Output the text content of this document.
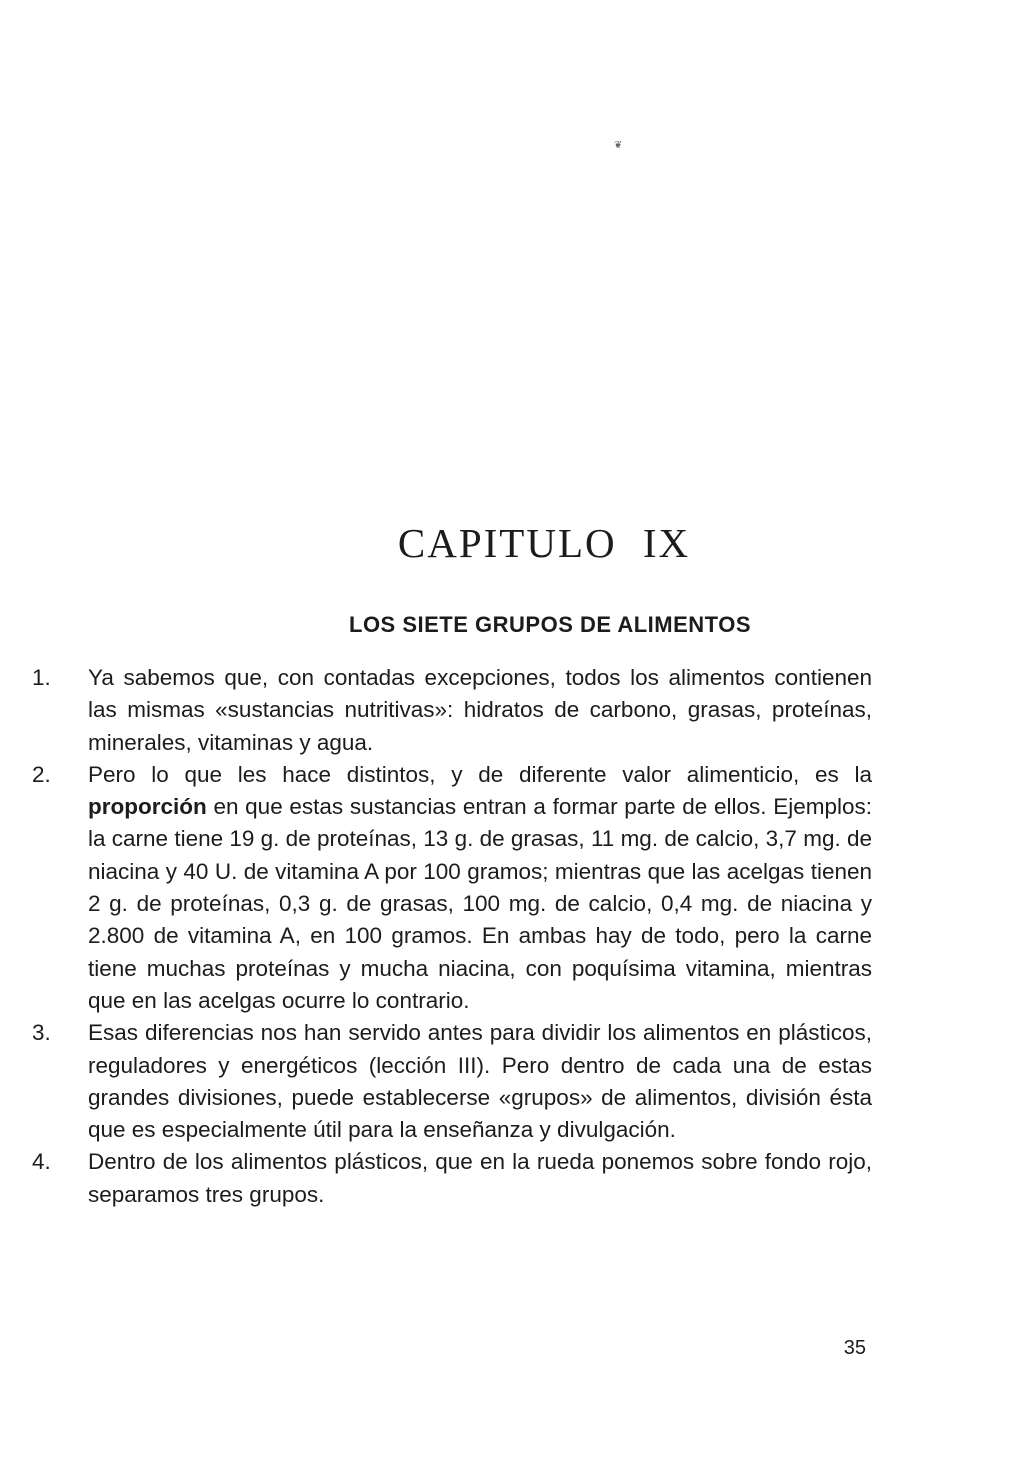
❦
CAPITULO IX
LOS SIETE GRUPOS DE ALIMENTOS
1. Ya sabemos que, con contadas excepciones, todos los alimentos contienen las mismas «sustancias nutritivas»: hidratos de carbono, grasas, proteínas, minerales, vitaminas y agua.
2. Pero lo que les hace distintos, y de diferente valor alimenticio, es la proporción en que estas sustancias entran a formar parte de ellos. Ejemplos: la carne tiene 19 g. de proteínas, 13 g. de grasas, 11 mg. de calcio, 3,7 mg. de niacina y 40 U. de vitamina A por 100 gramos; mientras que las acelgas tienen 2 g. de proteínas, 0,3 g. de grasas, 100 mg. de calcio, 0,4 mg. de niacina y 2.800 de vitamina A, en 100 gramos. En ambas hay de todo, pero la carne tiene muchas proteínas y mucha niacina, con poquísima vitamina, mientras que en las acelgas ocurre lo contrario.
3. Esas diferencias nos han servido antes para dividir los alimentos en plásticos, reguladores y energéticos (lección III). Pero dentro de cada una de estas grandes divisiones, puede establecerse «grupos» de alimentos, división ésta que es especialmente útil para la enseñanza y divulgación.
4. Dentro de los alimentos plásticos, que en la rueda ponemos sobre fondo rojo, separamos tres grupos.
35
